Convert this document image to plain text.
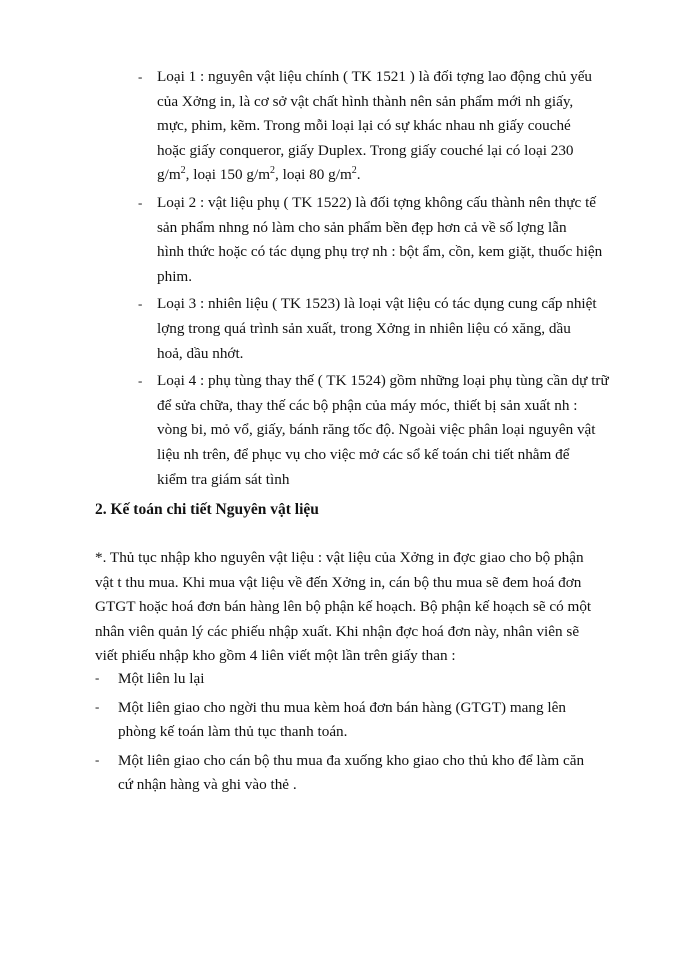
- Loại 1 : nguyên vật liệu chính ( TK 1521 ) là đối tợng lao động chủ yếu
của Xởng in, là cơ sở vật chất hình thành nên sản phẩm mới nh giấy,
mực, phim, kẽm. Trong mỗi loại lại có sự khác nhau nh giấy couché
hoặc giấy conqueror, giấy Duplex. Trong giấy couché lại có loại 230
$g/m^2$, loại 150 $g/m^2$, loại 80 $g/m^2$.
- Loại 2 : vật liệu phụ ( TK 1522) là đối tợng không cấu thành nên thực tế
sản phẩm nhng nó làm cho sản phẩm bền đẹp hơn cả về số lợng lẫn
hình thức hoặc có tác dụng phụ trợ nh : bột ẩm, cồn, kem giặt, thuốc hiện
phim.
- Loại 3 : nhiên liệu ( TK 1523) là loại vật liệu có tác dụng cung cấp nhiệt
lợng trong quá trình sản xuất, trong Xởng in nhiên liệu có xăng, dầu
hoả, dầu nhớt.
- Loại 4 : phụ tùng thay thế ( TK 1524) gồm những loại phụ tùng cần dự trữ
để sửa chữa, thay thế các bộ phận của máy móc, thiết bị sản xuất nh :
vòng bi, mỏ vổ, giấy, bánh răng tốc độ. Ngoài việc phân loại nguyên vật
liệu nh trên, để phục vụ cho việc mở các sổ kế toán chi tiết nhằm để
kiểm tra giám sát tình
2. Kế toán chi tiết Nguyên vật liệu
*. Thủ tục nhập kho nguyên vật liệu : vật liệu của Xởng in đợc giao cho bộ phận
vật t thu mua. Khi mua vật liệu về đến Xởng in, cán bộ thu mua sẽ đem hoá đơn
GTGT hoặc hoá đơn bán hàng lên bộ phận kế hoạch. Bộ phận kế hoạch sẽ có một
nhân viên quản lý các phiếu nhập xuất. Khi nhận đợc hoá đơn này, nhân viên sẽ
viết phiếu nhập kho gồm 4 liên viết một lần trên giấy than :
- Một liên lu lại
- Một liên giao cho ngời thu mua kèm hoá đơn bán hàng (GTGT) mang lên
phòng kế toán làm thủ tục thanh toán.
- Một liên giao cho cán bộ thu mua đa xuống kho giao cho thủ kho để làm căn
cứ nhận hàng và ghi vào thẻ .
